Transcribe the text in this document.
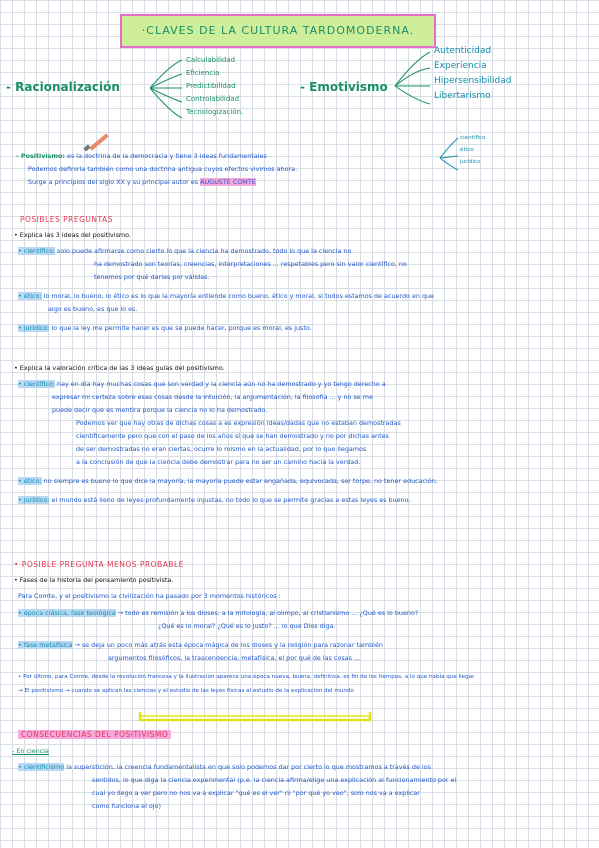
·CLAVES DE LA CULTURA TARDOMODERNA.
- Racionalización
Calculabilidad
Eficiencia
Predictibilidad
Controlabilidad
Tecnologización.
- Emotivismo
Autenticidad
Experiencia
Hipersensibilidad
Libertarismo

- Positivismo: es la doctrina de la democracia y tiene 3 ideas fundamentales

Podemos definirla también como una doctrina antigua cuyos efectos vivimos ahora.

Surge a principios del siglo XX y su principal autor es AUGUSTE COMTE

científico
ético
jurídico
POSIBLES PREGUNTAS
• Explica las 3 ideas del positivismo.

• científico: solo puede afirmarse como cierto lo que la ciencia ha demostrado, todo lo que la ciencia no

ha demostrado son teorías, creencias, interpretaciones ... respetables pero sin valor científico, no

tenemos por qué darlas por válidas.

• ético: lo moral, lo bueno, lo ético es lo que la mayoría entiende como bueno, ético y moral, si todos estamos de acuerdo en que

algo es bueno, es que lo es.

• jurídico: lo que la ley me permite hacer es que se puede hacer, porque es moral, es justo.

• Explica la valoración crítica de las 3 ideas guías del positivismo.

• científico: hay en día hay muchas cosas que son verdad y la ciencia aún no ha demostrado y yo tengo derecho a

expresar mi certeza sobre esas cosas desde la intuición, la argumentación, la filosofía ... y no se me

puede decir que es mentira porque la ciencia no lo ha demostrado.

Podemos ver que hay otras de dichas cosas a es expresión ideas/dadas que no estaban demostradas

científicamente pero que con el paso de los años sí que se han demostrado y no por dichas antes

de ser demostradas no eran ciertas, ocurre lo mismo en la actualidad, por lo que llegamos

a la conclusión de que la ciencia debe demostrar para no ser un camino hacia la verdad.

• ético: no siempre es bueno lo que dice la mayoría, la mayoría puede estar engañada, equivocada, ser torpe, no tener educación.

• jurídico: el mundo está lleno de leyes profundamente injustas, no todo lo que se permite gracias a estas leyes es bueno.

• POSIBLE PREGUNTA MENOS PROBABLE
• Fases de la historia del pensamiento positivista.

Para Comte, y el positivismo la civilización ha pasado por 3 momentos históricos :

• época clásica, fase teológica → todo es remisión a los dioses, a la mitología, al olimpo, al cristianismo ... ¿Qué es lo bueno?

¿Qué es lo moral? ¿Qué es lo justo? ... lo que Dios diga.

• fase metafísica → se deja un poco más atrás esta época mágica de los dioses y la religión para razonar también

argumentos filosóficos, la trascendencia, metafísica, el por qué de las cosas ...

• Por último, para Comte, desde la revolución francesa y la ilustración aparece una época nueva, buena, definitiva, es fin de los tiempos, a lo que había que llegar

→ El positivismo → cuando se aplican las ciencias y el estudio de las leyes físicas al estudio de la explicación del mundo

CONSECUENCIAS DEL POSITIVISMO
- En ciencia

• cientificismo la superstición, la creencia fundamentalista en que solo podemos dar por cierto lo que mostramos a través de los

sentidos, lo que diga la ciencia experimental (p.e. la ciencia afirma/elige una explicación al funcionamiento por el

cual yo llego a ver pero no nos va a explicar "qué es el ver" ni "por qué yo veo", solo nos va a explicar

como funciona el ojo)
